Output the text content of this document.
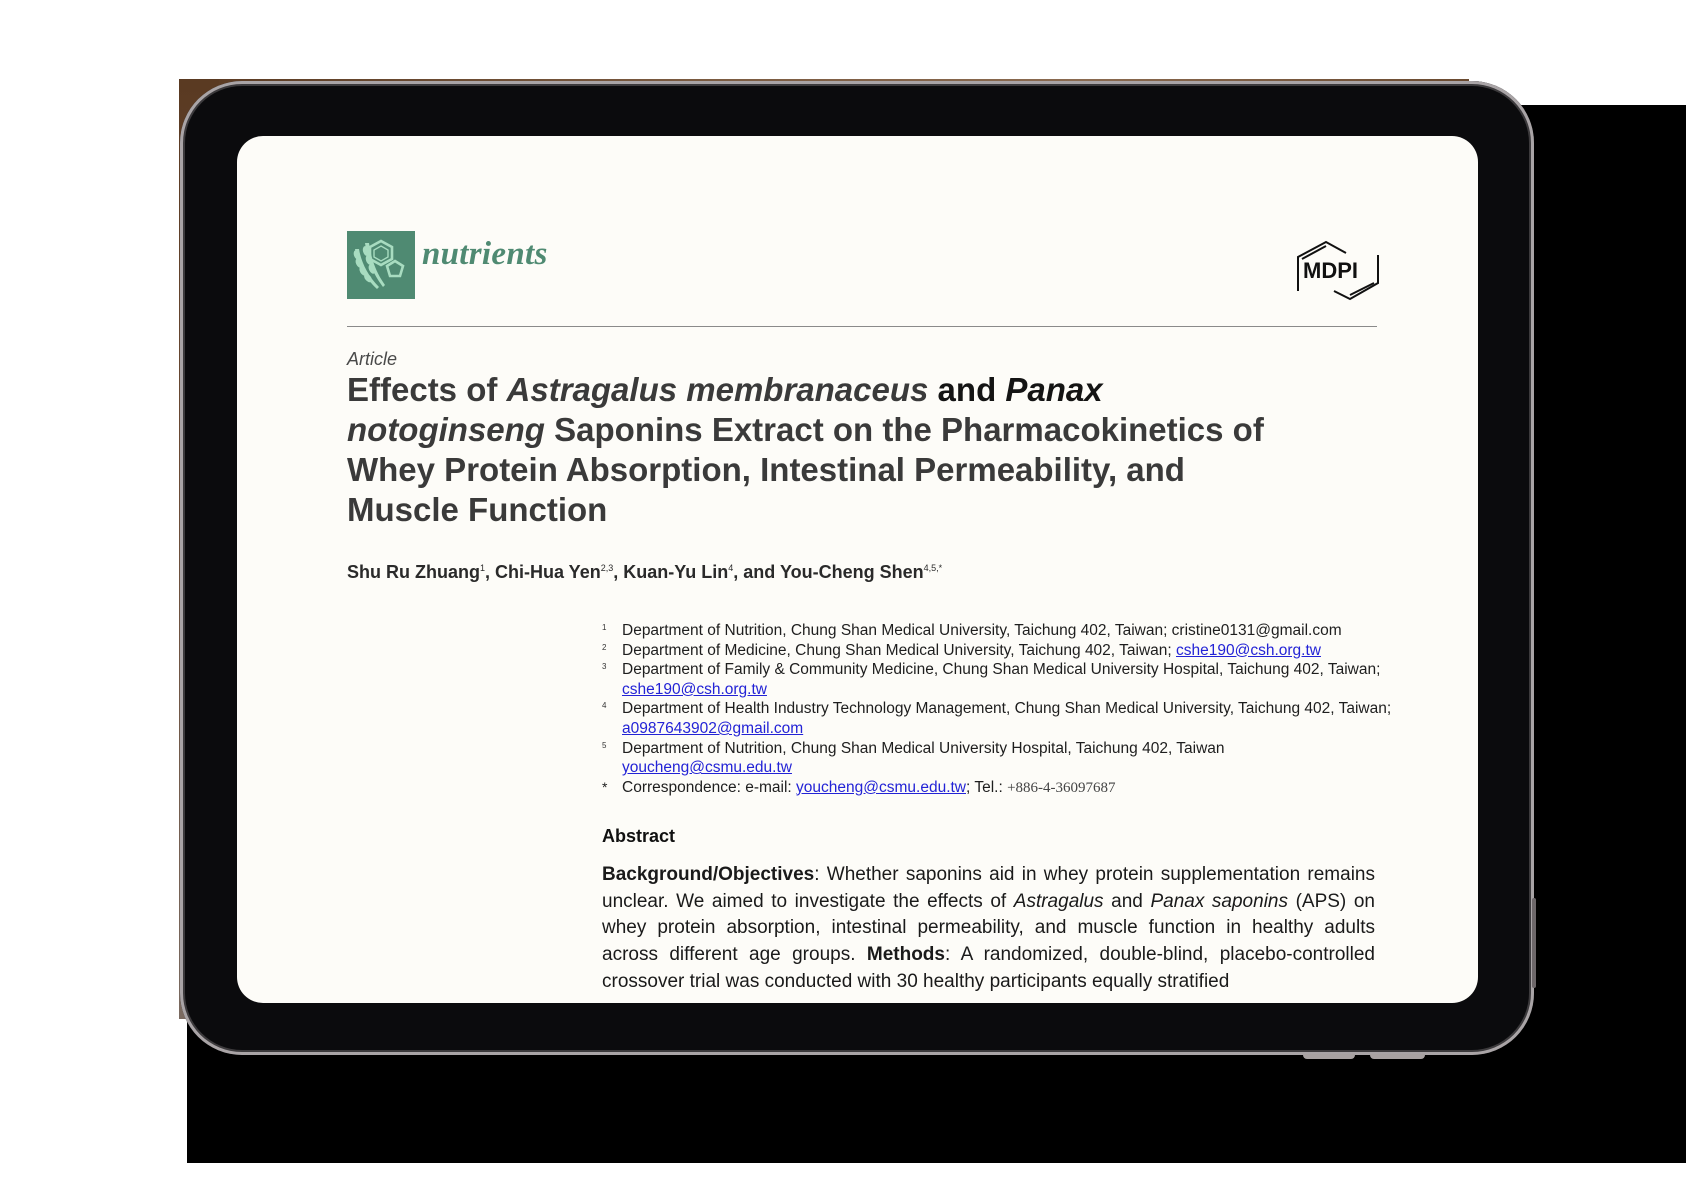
nutrients	MDPI
Article
Effects of Astragalus membranaceus and Panax
notoginseng Saponins Extract on the Pharmacokinetics of
Whey Protein Absorption, Intestinal Permeability, and
Muscle Function
Shu Ru Zhuang$^1$, Chi-Hua Yen$^{2,3}$, Kuan-Yu Lin$^4$, and You-Cheng Shen$^{4,5,*}$
1	Department of Nutrition, Chung Shan Medical University, Taichung 402, Taiwan; cristine0131@gmail.com
2	Department of Medicine, Chung Shan Medical University, Taichung 402, Taiwan; cshe190@csh.org.tw
3	Department of Family & Community Medicine, Chung Shan Medical University Hospital, Taichung 402, Taiwan; cshe190@csh.org.tw
4	Department of Health Industry Technology Management, Chung Shan Medical University, Taichung 402, Taiwan; a0987643902@gmail.com
5	Department of Nutrition, Chung Shan Medical University Hospital, Taichung 402, Taiwan
youcheng@csmu.edu.tw
* Correspondence: e-mail: youcheng@csmu.edu.tw; Tel.: +886-4-36097687
Abstract
Background/Objectives: Whether saponins aid in whey protein supplementation remains unclear. We aimed to investigate the effects of Astragalus and Panax saponins (APS) on whey protein absorption, intestinal permeability, and muscle function in healthy adults across different age groups. Methods: A randomized, double-blind, placebo-controlled crossover trial was conducted with 30 healthy participants equally stratified
